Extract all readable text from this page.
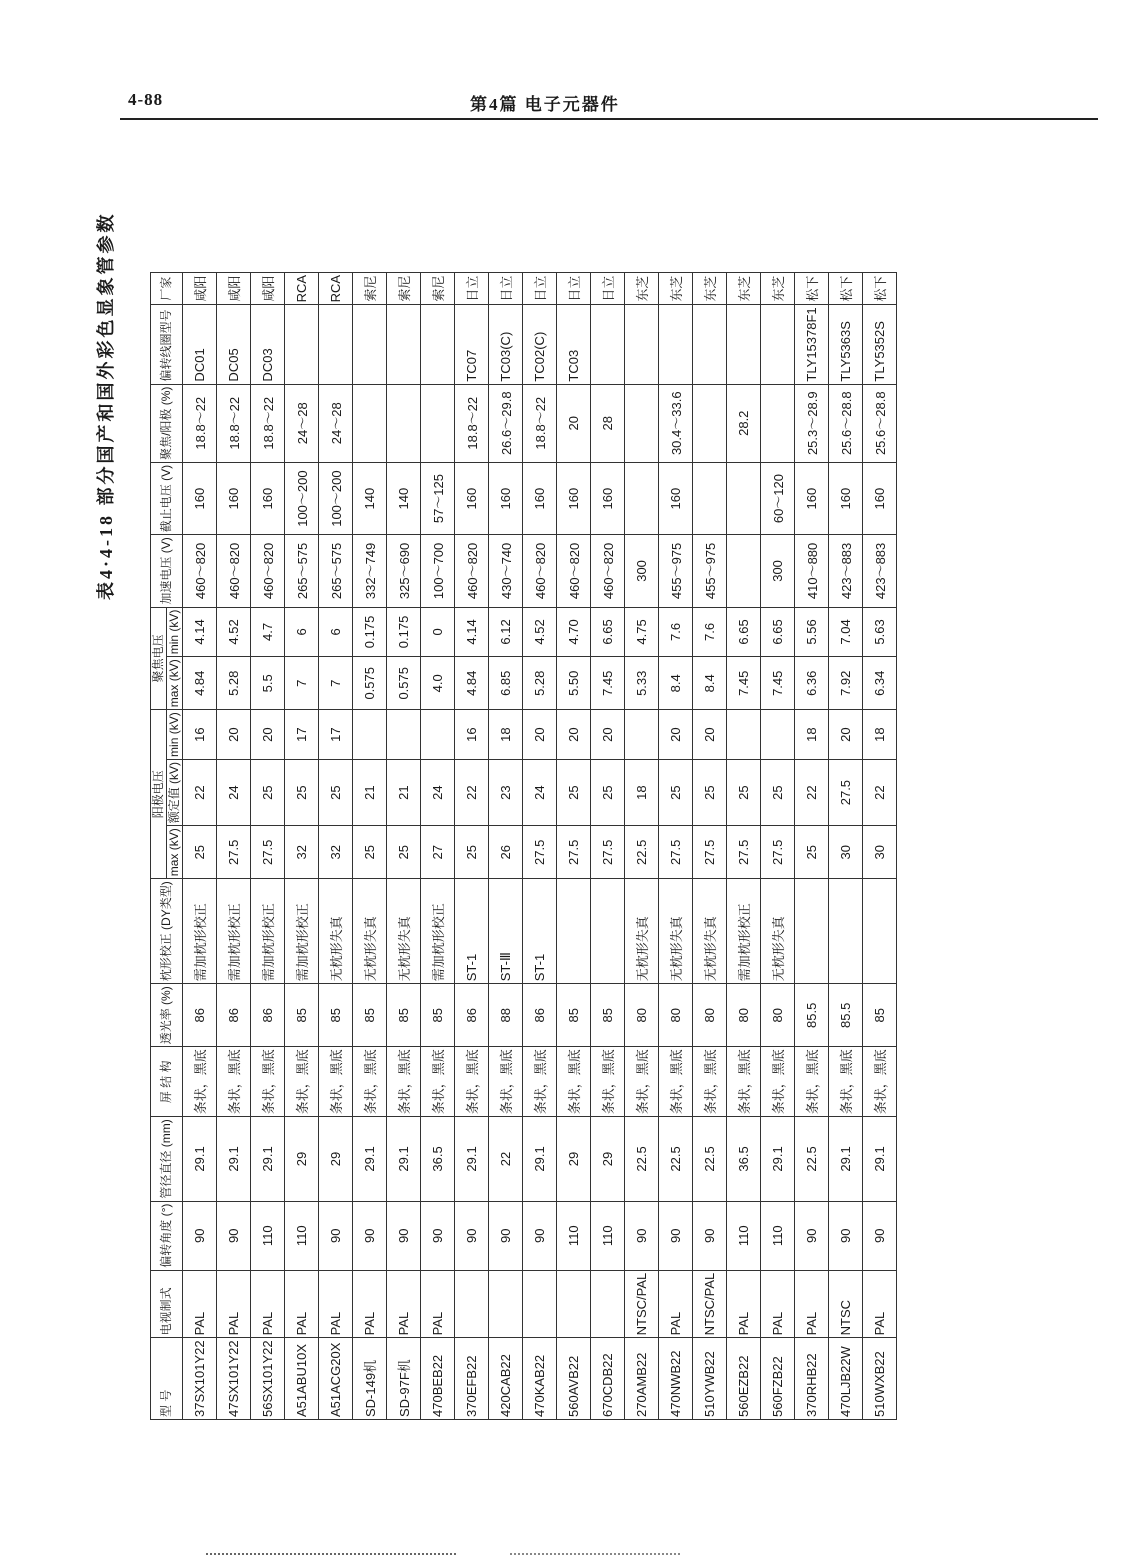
4-88	第4篇 电子元器件
表4·4-18 部分国产和国外彩色显象管参数
型 号	电视制式	偏转角度 (°)	管径直径 (mm)	屏 结 构	透光率 (%)	枕形校正 (DY类型)	阳极电压			聚焦电压		加速电压 (V)	截止电压 (V)	聚焦/阳极 (%)	偏转线圈型号	厂家
							max (kV)	额定值 (kV)	min (kV)	max (kV)	min (kV)					
37SX101Y22	PAL	90	29.1	条状，黑底	86	需加枕形校正	25	22	16	4.84	4.14	460～820	160	18.8～22	DC01	咸阳
47SX101Y22	PAL	90	29.1	条状，黑底	86	需加枕形校正	27.5	24	20	5.28	4.52	460～820	160	18.8～22	DC05	咸阳
56SX101Y22	PAL	110	29.1	条状，黑底	86	需加枕形校正	27.5	25	20	5.5	4.7	460～820	160	18.8～22	DC03	咸阳
A51ABU10X	PAL	110	29	条状，黑底	85	需加枕形校正	32	25	17	7	6	265～575	100～200	24～28		RCA
A51ACG20X	PAL	90	29	条状，黑底	85	无枕形失真	32	25	17	7	6	265～575	100～200	24～28		RCA
SD-149机	PAL	90	29.1	条状，黑底	85	无枕形失真	25	21		0.575	0.175	332～749	140			索尼
SD-97F机	PAL	90	29.1	条状，黑底	85	无枕形失真	25	21		0.575	0.175	325～690	140			索尼
470BEB22	PAL	90	36.5	条状，黑底	85	需加枕形校正	27	24		4.0	0	100～700	57～125			索尼
370EFB22		90	29.1	条状，黑底	86	ST-1	25	22	16	4.84	4.14	460～820	160	18.8～22	TC07	日立
420CAB22		90	22	条状，黑底	88	ST-Ⅲ	26	23	18	6.85	6.12	430～740	160	26.6～29.8	TC03(C)	日立
470KAB22		90	29.1	条状，黑底	86	ST-1	27.5	24	20	5.28	4.52	460～820	160	18.8～22	TC02(C)	日立
560AVB22		110	29	条状，黑底	85		27.5	25	20	5.50	4.70	460～820	160	20	TC03	日立
670CDB22		110	29	条状，黑底	85		27.5	25	20	7.45	6.65	460～820	160	28		日立
270AMB22	NTSC/PAL	90	22.5	条状，黑底	80	无枕形失真	22.5	18		5.33	4.75	300				东芝
470NWB22	PAL	90	22.5	条状，黑底	80	无枕形失真	27.5	25	20	8.4	7.6	455～975	160	30.4～33.6		东芝
510YWB22	NTSC/PAL	90	22.5	条状，黑底	80	无枕形失真	27.5	25	20	8.4	7.6	455～975				东芝
560EZB22	PAL	110	36.5	条状，黑底	80	需加枕形校正	27.5	25		7.45	6.65			28.2		东芝
560FZB22	PAL	110	29.1	条状，黑底	80	无枕形失真	27.5	25		7.45	6.65	300	60～120			东芝
370RHB22	PAL	90	22.5	条状，黑底	85.5		25	22	18	6.36	5.56	410～880	160	25.3～28.9	TLY15378F1	松下
470LJB22W	NTSC	90	29.1	条状，黑底	85.5		30	27.5	20	7.92	7.04	423～883	160	25.6～28.8	TLY5363S	松下
510WXB22	PAL	90	29.1	条状，黑底	85		30	22	18	6.34	5.63	423～883	160	25.6～28.8	TLY5352S	松下
